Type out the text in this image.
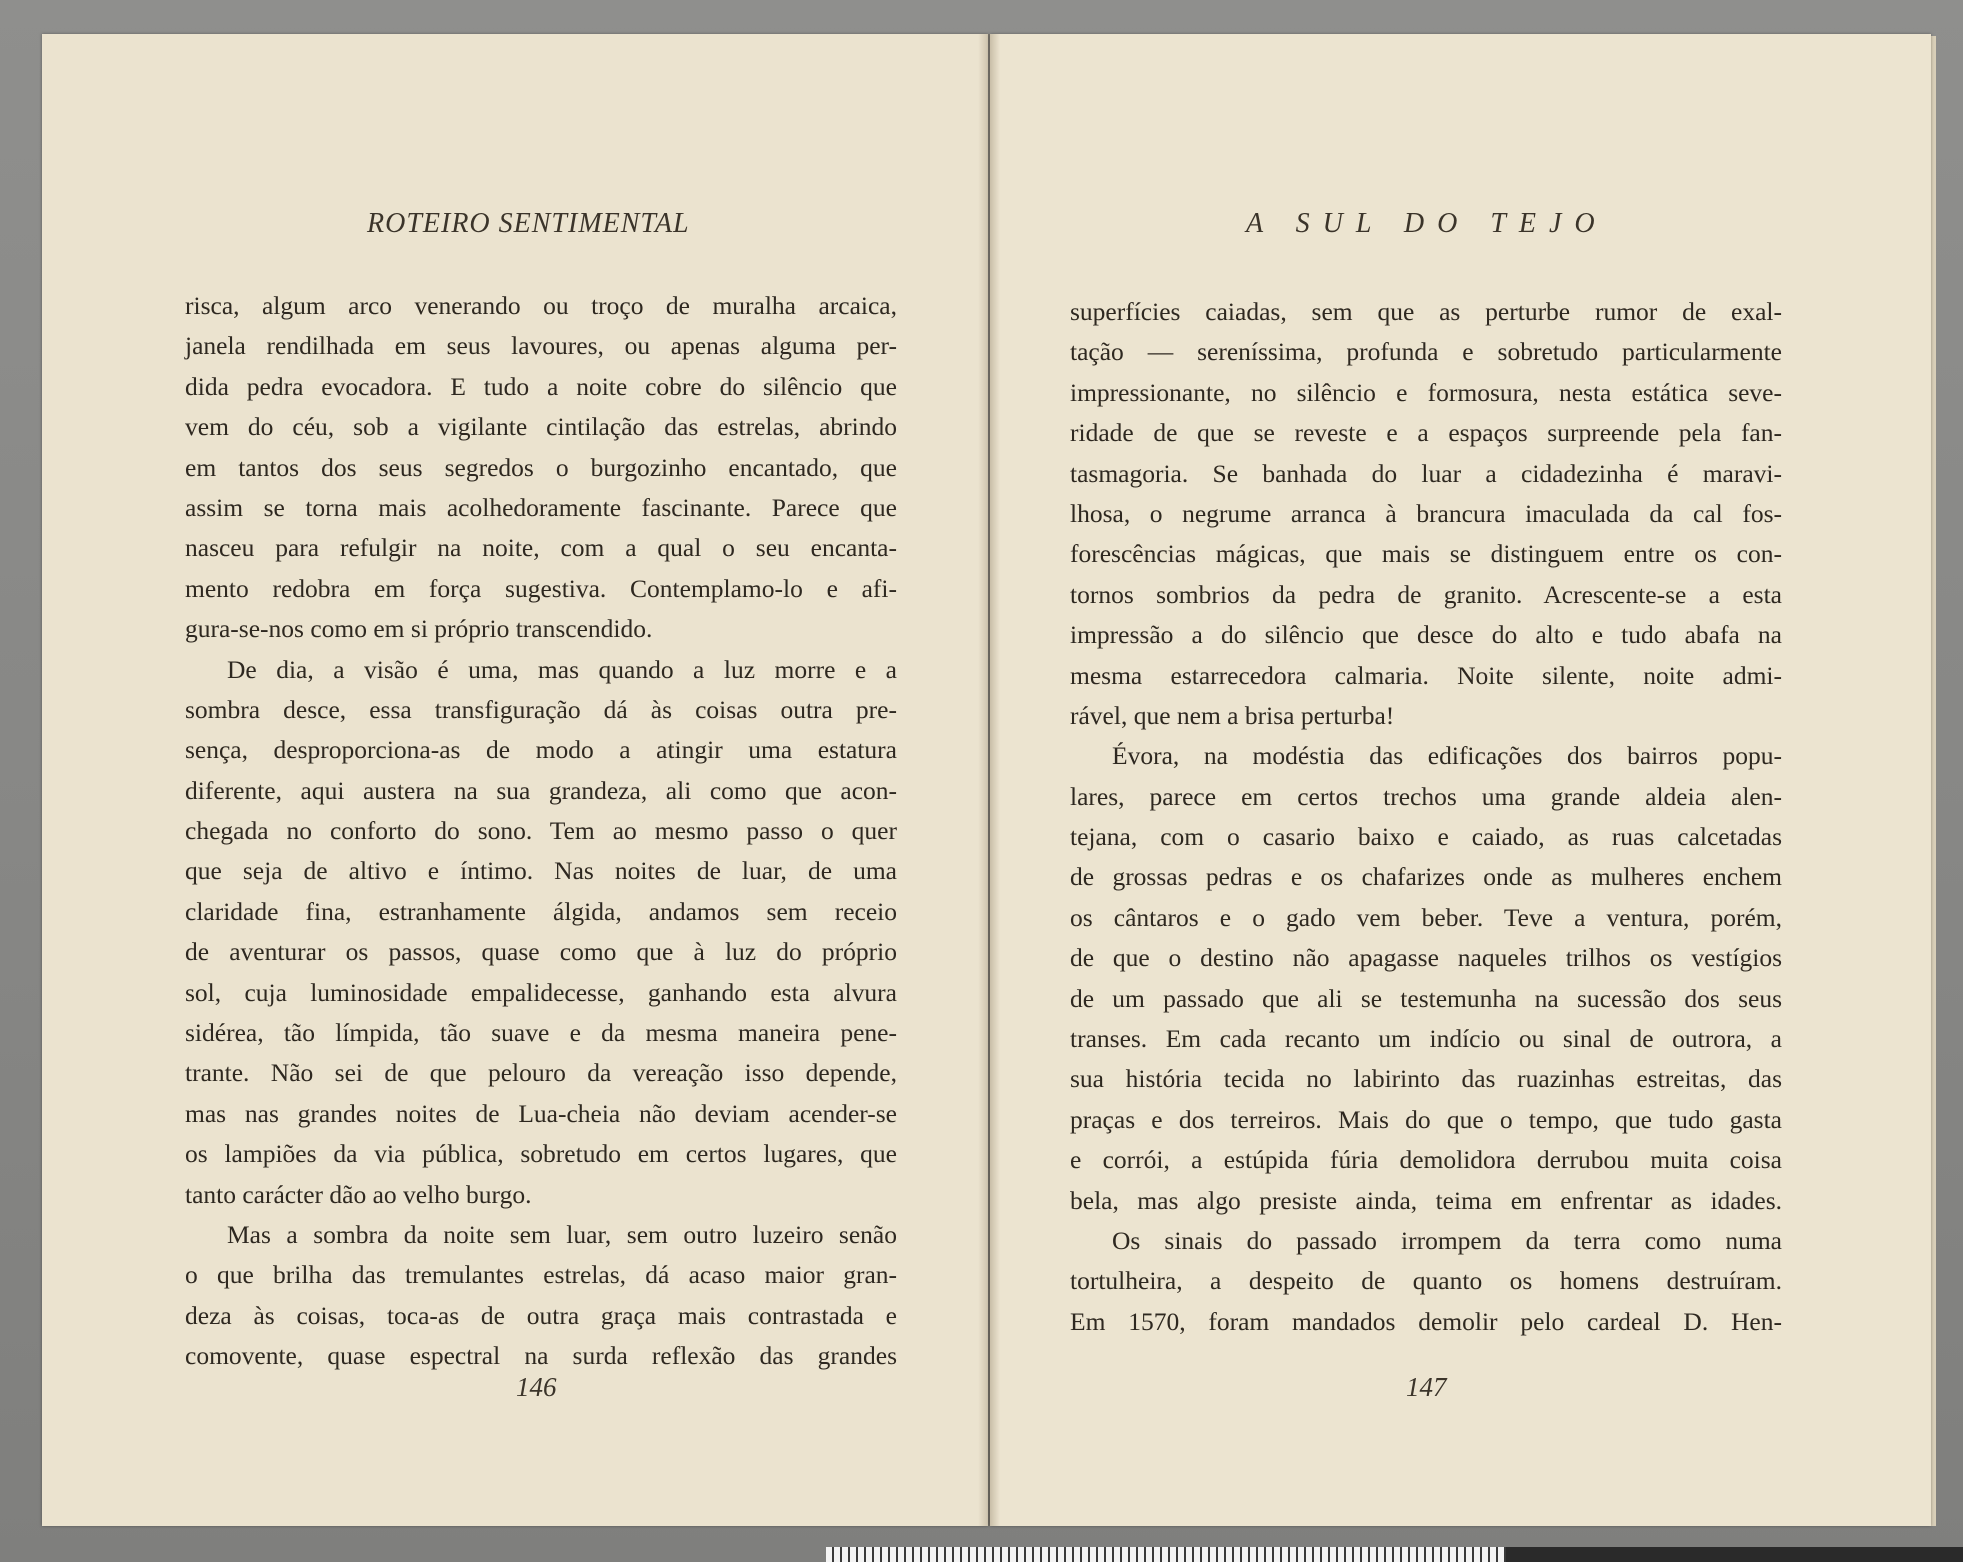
ROTEIRO SENTIMENTAL
risca, algum arco venerando ou troço de muralha arcaica,
janela rendilhada em seus lavoures, ou apenas alguma per-
dida pedra evocadora. E tudo a noite cobre do silêncio que
vem do céu, sob a vigilante cintilação das estrelas, abrindo
em tantos dos seus segredos o burgozinho encantado, que
assim se torna mais acolhedoramente fascinante. Parece que
nasceu para refulgir na noite, com a qual o seu encanta-
mento redobra em força sugestiva. Contemplamo-lo e afi-
gura-se-nos como em si próprio transcendido.
De dia, a visão é uma, mas quando a luz morre e a
sombra desce, essa transfiguração dá às coisas outra pre-
sença, desproporciona-as de modo a atingir uma estatura
diferente, aqui austera na sua grandeza, ali como que acon-
chegada no conforto do sono. Tem ao mesmo passo o quer
que seja de altivo e íntimo. Nas noites de luar, de uma
claridade fina, estranhamente álgida, andamos sem receio
de aventurar os passos, quase como que à luz do próprio
sol, cuja luminosidade empalidecesse, ganhando esta alvura
sidérea, tão límpida, tão suave e da mesma maneira pene-
trante. Não sei de que pelouro da vereação isso depende,
mas nas grandes noites de Lua-cheia não deviam acender-se
os lampiões da via pública, sobretudo em certos lugares, que
tanto carácter dão ao velho burgo.
Mas a sombra da noite sem luar, sem outro luzeiro senão
o que brilha das tremulantes estrelas, dá acaso maior gran-
deza às coisas, toca-as de outra graça mais contrastada e
comovente, quase espectral na surda reflexão das grandes
146
A SUL DO TEJO
superfícies caiadas, sem que as perturbe rumor de exal-
tação — sereníssima, profunda e sobretudo particularmente
impressionante, no silêncio e formosura, nesta estática seve-
ridade de que se reveste e a espaços surpreende pela fan-
tasmagoria. Se banhada do luar a cidadezinha é maravi-
lhosa, o negrume arranca à brancura imaculada da cal fos-
forescências mágicas, que mais se distinguem entre os con-
tornos sombrios da pedra de granito. Acrescente-se a esta
impressão a do silêncio que desce do alto e tudo abafa na
mesma estarrecedora calmaria. Noite silente, noite admi-
rável, que nem a brisa perturba!
Évora, na modéstia das edificações dos bairros popu-
lares, parece em certos trechos uma grande aldeia alen-
tejana, com o casario baixo e caiado, as ruas calcetadas
de grossas pedras e os chafarizes onde as mulheres enchem
os cântaros e o gado vem beber. Teve a ventura, porém,
de que o destino não apagasse naqueles trilhos os vestígios
de um passado que ali se testemunha na sucessão dos seus
transes. Em cada recanto um indício ou sinal de outrora, a
sua história tecida no labirinto das ruazinhas estreitas, das
praças e dos terreiros. Mais do que o tempo, que tudo gasta
e corrói, a estúpida fúria demolidora derrubou muita coisa
bela, mas algo presiste ainda, teima em enfrentar as idades.
Os sinais do passado irrompem da terra como numa
tortulheira, a despeito de quanto os homens destruíram.
Em 1570, foram mandados demolir pelo cardeal D. Hen-
147
